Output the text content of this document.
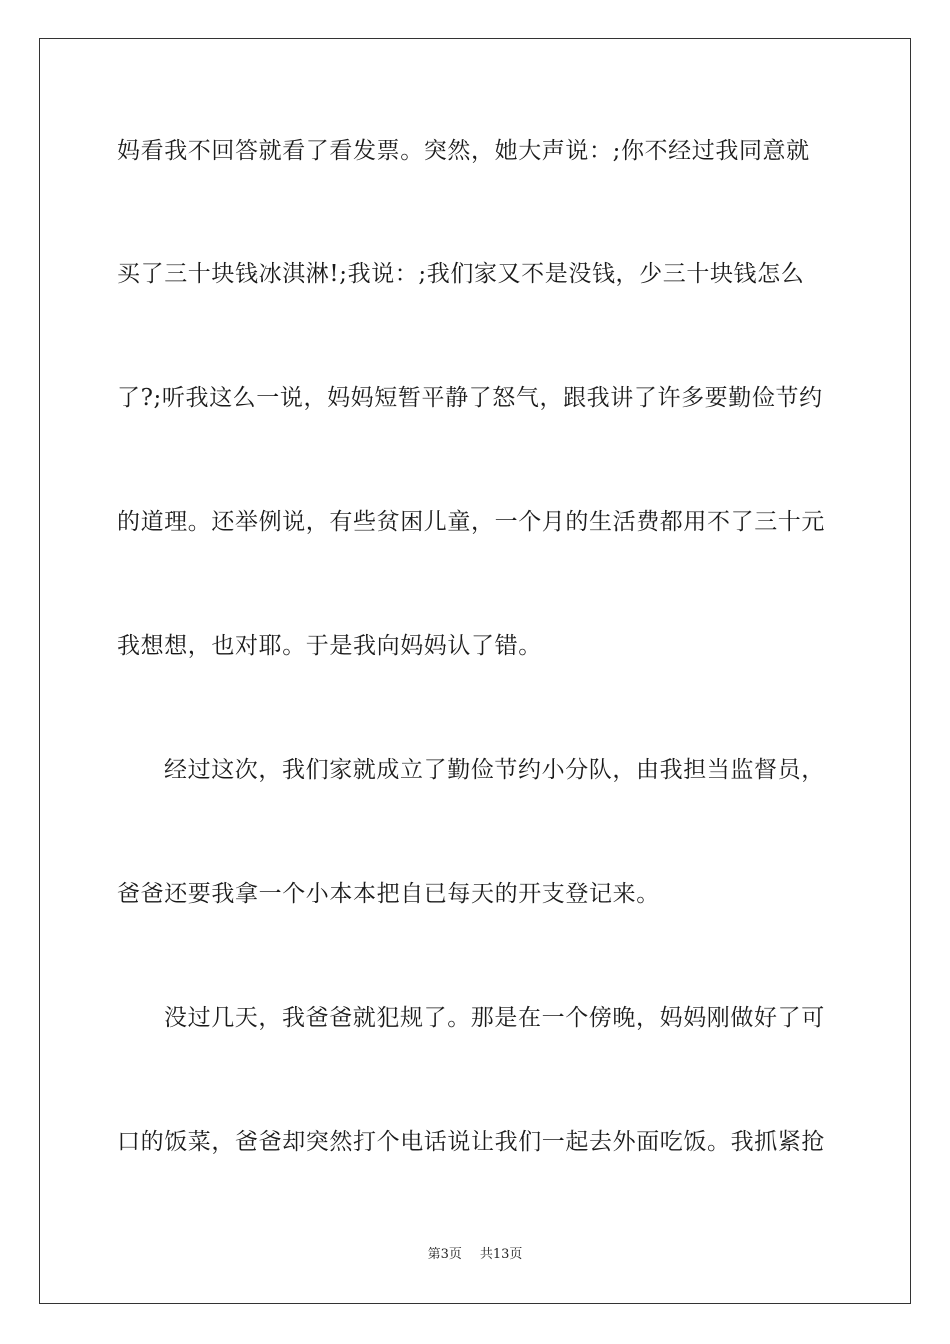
妈看我不回答就看了看发票。突然，她大声说：;你不经过我同意就
买了三十块钱冰淇淋!;我说：;我们家又不是没钱，少三十块钱怎么
了?;听我这么一说，妈妈短暂平静了怒气，跟我讲了许多要勤俭节约
的道理。还举例说，有些贫困儿童，一个月的生活费都用不了三十元
我想想，也对耶。于是我向妈妈认了错。
经过这次，我们家就成立了勤俭节约小分队，由我担当监督员，
爸爸还要我拿一个小本本把自已每天的开支登记来。
没过几天，我爸爸就犯规了。那是在一个傍晚，妈妈刚做好了可
口的饭菜，爸爸却突然打个电话说让我们一起去外面吃饭。我抓紧抢
第3页 共13页
